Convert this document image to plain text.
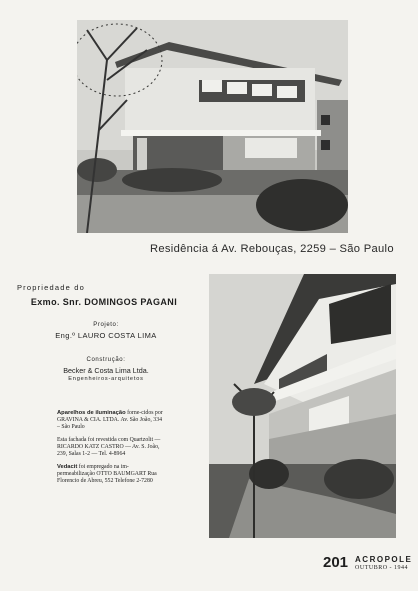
Residência á Av. Rebouças, 2259 – São Paulo
Propriedade do
Exmo. Snr. DOMINGOS PAGANI
Projeto:
Eng.º LAURO COSTA LIMA
Construção:
Becker & Costa Lima Ltda.
Engenheiros-arquitetos

Aparelhos de iluminação forne-cidos por GRAVINA & CIA. LTDA. Av. São João, 334 – São Paulo

Esta fachada foi revestida com Quartzolit — RICARDO KATZ CASTRO — Av. S. João, 239, Salas 1-2 — Tel. 4-8964

Vedacit foi empregado na im-permeabilização OTTO BAUMGART Rua Florencio de Abreu, 552 Telefone 2-7280

201 ACROPOLE
OUTUBRO - 1944
